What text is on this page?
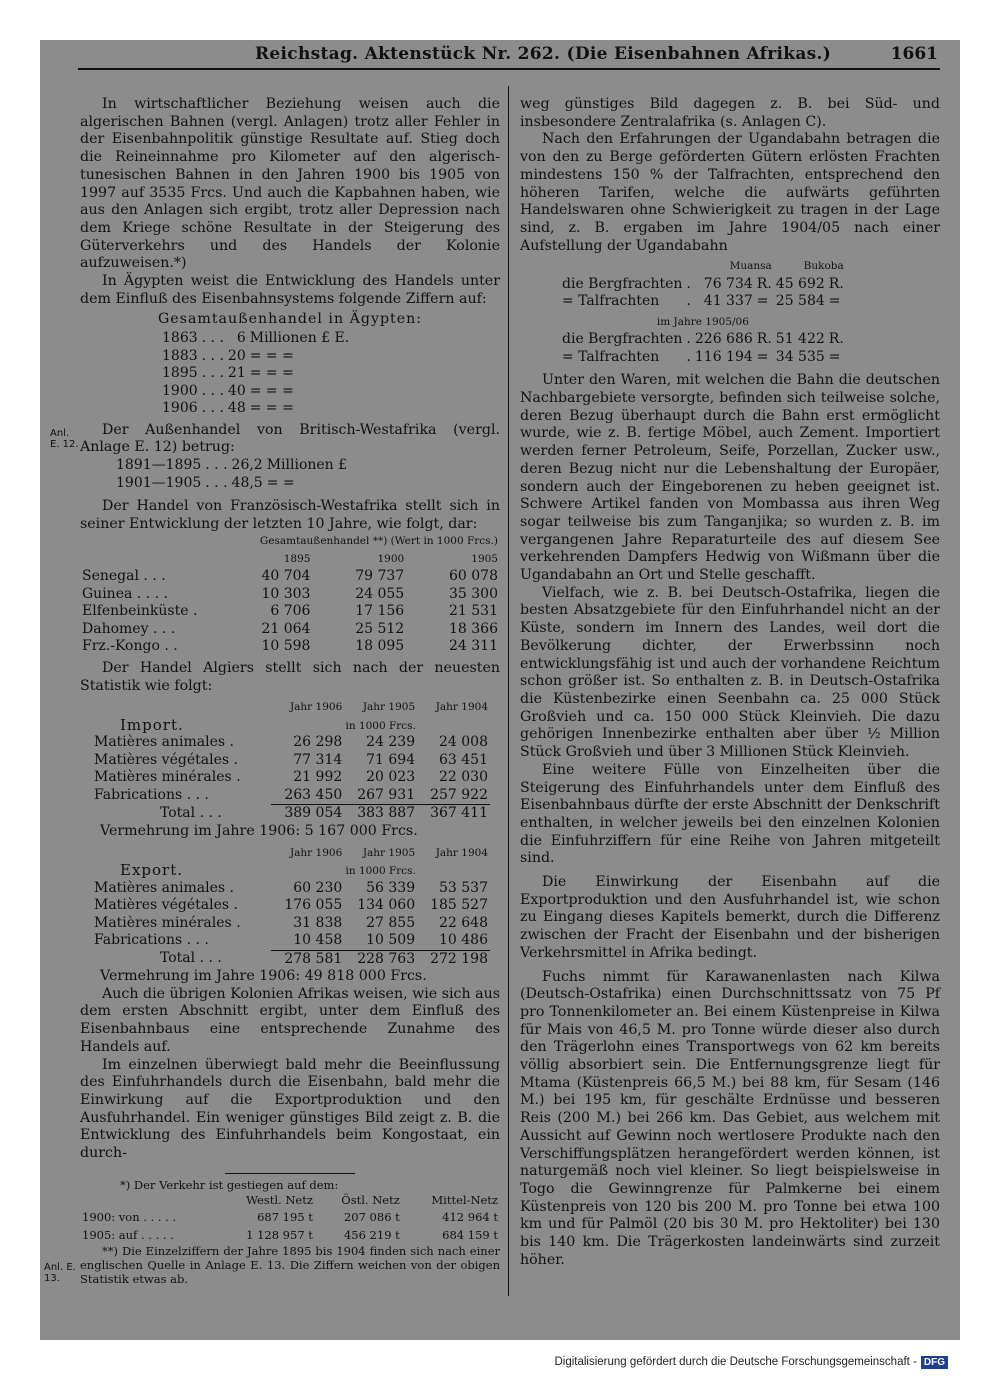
Reichstag. Aktenstück Nr. 262. (Die Eisenbahnen Afrikas.)	1661
Anl. E. 12.
Anl. E. 13.

In wirtschaftlicher Beziehung weisen auch die algerischen Bahnen (vergl. Anlagen) trotz aller Fehler in der Eisenbahnpolitik günstige Resultate auf. Stieg doch die Reineinnahme pro Kilometer auf den algerisch-tunesischen Bahnen in den Jahren 1900 bis 1905 von 1997 auf 3535 Frcs. Und auch die Kapbahnen haben, wie aus den Anlagen sich ergibt, trotz aller Depression nach dem Kriege schöne Resultate in der Steigerung des Güterverkehrs und des Handels der Kolonie aufzuweisen.*)

In Ägypten weist die Entwicklung des Handels unter dem Einfluß des Eisenbahnsystems folgende Ziffern auf:

Gesamtaußenhandel in Ägypten:
1863	. . .	6	Millionen £ E.
1883	. . .	20	= = =
1895	. . .	21	= = =
1900	. . .	40	= = =
1906	. . .	48	= = =

Der Außenhandel von Britisch-Westafrika (vergl. Anlage E. 12) betrug:

1891—1895	. . .	26,2	Millionen £
1901—1905	. . .	48,5	= =

Der Handel von Französisch-Westafrika stellt sich in seiner Entwicklung der letzten 10 Jahre, wie folgt, dar:

	Gesamtaußenhandel **) (Wert in 1000 Frcs.)		
	1895	1900	1905
Senegal . . .	40 704	79 737	60 078
Guinea . . . .	10 303	24 055	35 300
Elfenbeinküste .	6 706	17 156	21 531
Dahomey . . .	21 064	25 512	18 366
Frz.-Kongo . .	10 598	18 095	24 311

Der Handel Algiers stellt sich nach der neuesten Statistik wie folgt:

	Jahr 1906	Jahr 1905	Jahr 1904
Import.	in 1000 Frcs.		
Matières animales .	26 298	24 239	24 008
Matières végétales .	77 314	71 694	63 451
Matières minérales .	21 992	20 023	22 030
Fabrications . . .	263 450	267 931	257 922
Total . . .	389 054	383 887	367 411
Vermehrung im Jahre 1906: 5 167 000 Frcs.
	Jahr 1906	Jahr 1905	Jahr 1904
Export.	in 1000 Frcs.		
Matières animales .	60 230	56 339	53 537
Matières végétales .	176 055	134 060	185 527
Matières minérales .	31 838	27 855	22 648
Fabrications . . .	10 458	10 509	10 486
Total . . .	278 581	228 763	272 198
Vermehrung im Jahre 1906: 49 818 000 Frcs.

Auch die übrigen Kolonien Afrikas weisen, wie sich aus dem ersten Abschnitt ergibt, unter dem Einfluß des Eisenbahnbaus eine entsprechende Zunahme des Handels auf.

Im einzelnen überwiegt bald mehr die Beeinflussung des Einfuhrhandels durch die Eisenbahn, bald mehr die Einwirkung auf die Exportproduktion und den Ausfuhrhandel. Ein weniger günstiges Bild zeigt z. B. die Entwicklung des Einfuhrhandels beim Kongostaat, ein durch-

*) Der Verkehr ist gestiegen auf dem:
	Westl. Netz	Östl. Netz	Mittel-Netz
1900: von . . . . .	687 195 t	207 086 t	412 964 t
1905: auf . . . . .	1 128 957 t	456 219 t	684 159 t

**) Die Einzelziffern der Jahre 1895 bis 1904 finden sich nach einer englischen Quelle in Anlage E. 13. Die Ziffern weichen von der obigen Statistik etwas ab.

weg günstiges Bild dagegen z. B. bei Süd- und insbesondere Zentralafrika (s. Anlagen C).

Nach den Erfahrungen der Ugandabahn betragen die von den zu Berge geförderten Gütern erlösten Frachten mindestens 150 % der Talfrachten, entsprechend den höheren Tarifen, welche die aufwärts geführten Handelswaren ohne Schwierigkeit zu tragen in der Lage sind, z. B. ergaben im Jahre 1904/05 nach einer Aufstellung der Ugandabahn

		Muansa		Bukoba	
die Bergfrachten	.	76 734	R.	45 692	R.
= Talfrachten	.	41 337	=	25 584	=
im Jahre 1905/06					
die Bergfrachten	.	226 686	R.	51 422	R.
= Talfrachten	.	116 194	=	34 535	=

Unter den Waren, mit welchen die Bahn die deutschen Nachbargebiete versorgte, befinden sich teilweise solche, deren Bezug überhaupt durch die Bahn erst ermöglicht wurde, wie z. B. fertige Möbel, auch Zement. Importiert werden ferner Petroleum, Seife, Porzellan, Zucker usw., deren Bezug nicht nur die Lebenshaltung der Europäer, sondern auch der Eingeborenen zu heben geeignet ist. Schwere Artikel fanden von Mombassa aus ihren Weg sogar teilweise bis zum Tanganjika; so wurden z. B. im vergangenen Jahre Reparaturteile des auf diesem See verkehrenden Dampfers Hedwig von Wißmann über die Ugandabahn an Ort und Stelle geschafft.

Vielfach, wie z. B. bei Deutsch-Ostafrika, liegen die besten Absatzgebiete für den Einfuhrhandel nicht an der Küste, sondern im Innern des Landes, weil dort die Bevölkerung dichter, der Erwerbssinn noch entwicklungsfähig ist und auch der vorhandene Reichtum schon größer ist. So enthalten z. B. in Deutsch-Ostafrika die Küstenbezirke einen Seenbahn ca. 25 000 Stück Großvieh und ca. 150 000 Stück Kleinvieh. Die dazu gehörigen Innenbezirke enthalten aber über ½ Million Stück Großvieh und über 3 Millionen Stück Kleinvieh.

Eine weitere Fülle von Einzelheiten über die Steigerung des Einfuhrhandels unter dem Einfluß des Eisenbahnbaus dürfte der erste Abschnitt der Denkschrift enthalten, in welcher jeweils bei den einzelnen Kolonien die Einfuhrziffern für eine Reihe von Jahren mitgeteilt sind.

Die Einwirkung der Eisenbahn auf die Exportproduktion und den Ausfuhrhandel ist, wie schon zu Eingang dieses Kapitels bemerkt, durch die Differenz zwischen der Fracht der Eisenbahn und der bisherigen Verkehrsmittel in Afrika bedingt.

Fuchs nimmt für Karawanenlasten nach Kilwa (Deutsch-Ostafrika) einen Durchschnittssatz von 75 Pf pro Tonnenkilometer an. Bei einem Küstenpreise in Kilwa für Mais von 46,5 M. pro Tonne würde dieser also durch den Trägerlohn eines Transportwegs von 62 km bereits völlig absorbiert sein. Die Entfernungsgrenze liegt für Mtama (Küstenpreis 66,5 M.) bei 88 km, für Sesam (146 M.) bei 195 km, für geschälte Erdnüsse und besseren Reis (200 M.) bei 266 km. Das Gebiet, aus welchem mit Aussicht auf Gewinn noch wertlosere Produkte nach den Verschiffungsplätzen herangefördert werden können, ist naturgemäß noch viel kleiner. So liegt beispielsweise in Togo die Gewinngrenze für Palmkerne bei einem Küstenpreis von 120 bis 200 M. pro Tonne bei etwa 100 km und für Palmöl (20 bis 30 M. pro Hektoliter) bei 130 bis 140 km. Die Trägerkosten landeinwärts sind zurzeit höher.

Digitalisierung gefördert durch die Deutsche Forschungsgemeinschaft - DFG
